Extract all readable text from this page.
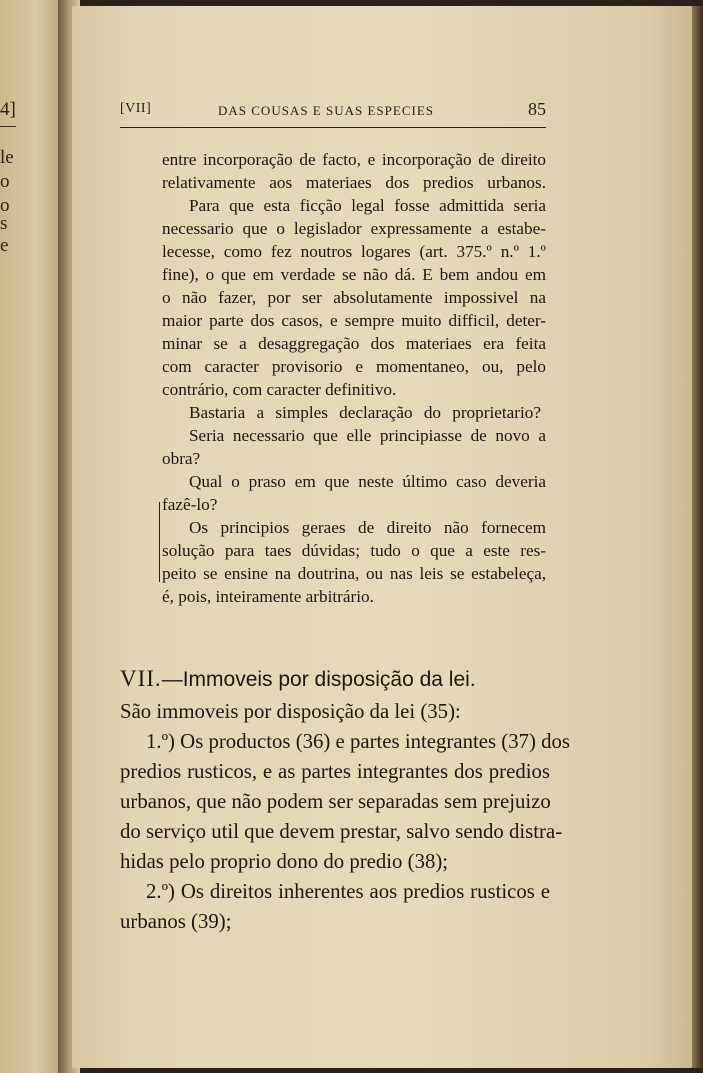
4]
le
o
o
s
e
[VII]	DAS COUSAS E SUAS ESPECIES	85
entre incorporação de facto, e incorporação de direito
relativamente aos materiaes dos predios urbanos.
Para que esta ficção legal fosse admittida seria
necessario que o legislador expressamente a estabe-
lecesse, como fez noutros logares (art. 375.º n.º 1.º
fine), o que em verdade se não dá. E bem andou em
o não fazer, por ser absolutamente impossivel na
maior parte dos casos, e sempre muito difficil, deter-
minar se a desaggregação dos materiaes era feita
com caracter provisorio e momentaneo, ou, pelo
contrário, com caracter definitivo.
Bastaria a simples declaração do proprietario?
Seria necessario que elle principiasse de novo a
obra?
Qual o praso em que neste último caso deveria
fazê-lo?
Os principios geraes de direito não fornecem
solução para taes dúvidas; tudo o que a este res-
peito se ensine na doutrina, ou nas leis se estabeleça,
é, pois, inteiramente arbitrário.
VII.—Immoveis por disposição da lei.
São immoveis por disposição da lei (35):
1.º) Os productos (36) e partes integrantes (37) dos
predios rusticos, e as partes integrantes dos predios
urbanos, que não podem ser separadas sem prejuizo
do serviço util que devem prestar, salvo sendo distra-
hidas pelo proprio dono do predio (38);
2.º) Os direitos inherentes aos predios rusticos e
urbanos (39);
